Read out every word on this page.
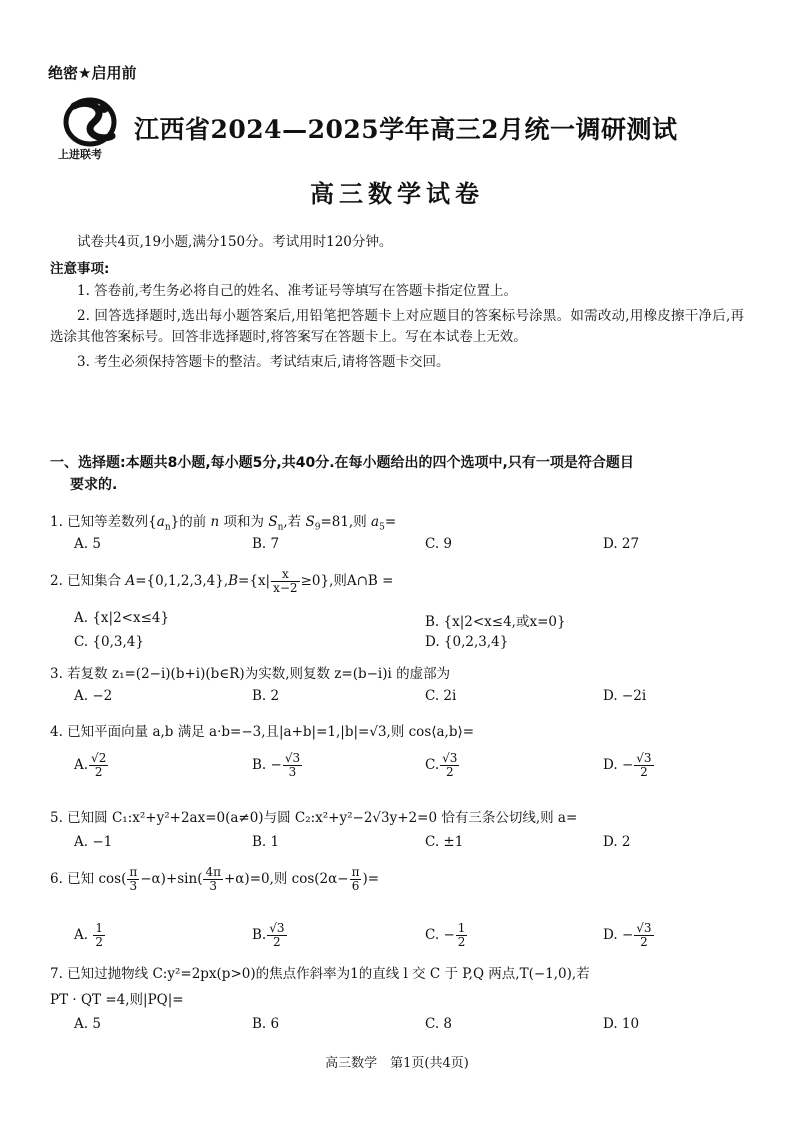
绝密★启用前
上进联考
江西省2024—2025学年高三2月统一调研测试
高三数学试卷
试卷共4页,19小题,满分150分。考试用时120分钟。
注意事项:
1. 答卷前,考生务必将自己的姓名、准考证号等填写在答题卡指定位置上。
2. 回答选择题时,选出每小题答案后,用铅笔把答题卡上对应题目的答案标号涂黑。如需改动,用橡皮擦干净后,再选涂其他答案标号。回答非选择题时,将答案写在答题卡上。写在本试卷上无效。
3. 考生必须保持答题卡的整洁。考试结束后,请将答题卡交回。
一、选择题:本题共8小题,每小题5分,共40分.在每小题给出的四个选项中,只有一项是符合题目
要求的.
1. 已知等差数列$\{a_n\}$的前 n 项和为 $S_n$,若 $S_9=81$,则 $a_5=$
A. 5	B. 7	C. 9	D. 27
2. 已知集合 $A=\{0,1,2,3,4\},B=\{x| \frac{x}{x-2} \ge 0\}$,则A∩B =
A. {x|2<x≤4}	B. {x|2<x≤4,或x=0}
C. {0,3,4}	D. {0,2,3,4}
3. 若复数 z₁=(2−i)(b+i)(b∈R)为实数,则复数 z=(b−i)i 的虚部为
A. −2	B. 2	C. 2i	D. −2i
4. 已知平面向量 a,b 满足 a·b=−3,且|a+b|=1,|b|=√3,则 cos⟨a,b⟩=
A. $\frac{√2}{2}$	B. − $\frac{√3}{3}$	C. $\frac{√3}{2}$	D. − $\frac{√3}{2}$
5. 已知圆 C₁:x²+y²+2ax=0(a≠0)与圆 C₂:x²+y²−2√3y+2=0 恰有三条公切线,则 a=
A. −1	B. 1	C. ±1	D. 2
6. 已知 $\cos( \frac{\pi}{3} -\alpha)+\sin( \frac{4\pi}{3} +\alpha)=0$,则 $\cos(2\alpha- \frac{\pi}{6}$ )=
A. $\frac{1}{2}$	B. $\frac{√3}{2}$	C. − $\frac{1}{2}$	D. − $\frac{√3}{2}$
7. 已知过抛物线 C:y²=2px(p>0)的焦点作斜率为1的直线 l 交 C 于 P,Q 两点,T(−1,0),若
PT · QT =4,则|PQ|=
A. 5	B. 6	C. 8	D. 10
高三数学　第1页(共4页)
